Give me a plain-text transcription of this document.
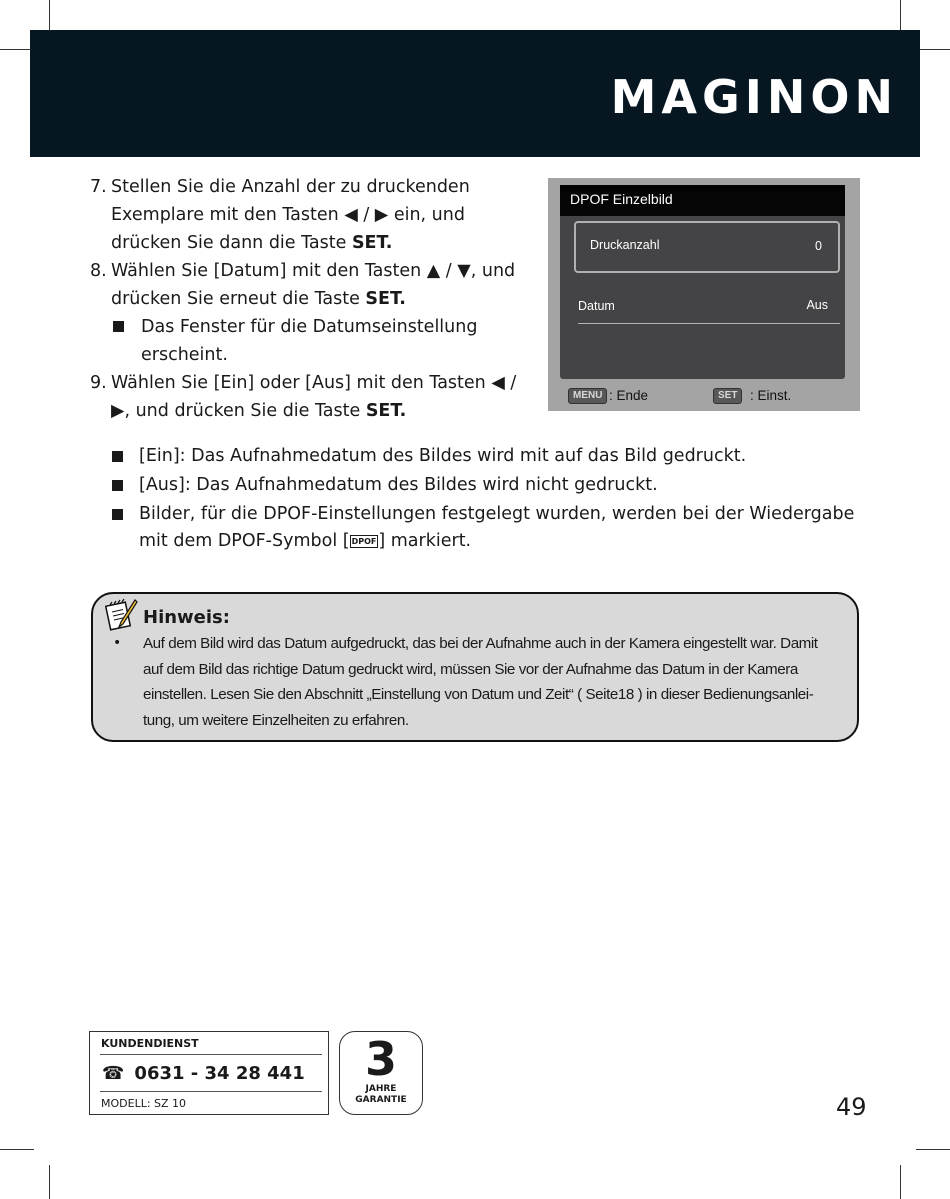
MAGINON
7. Stellen Sie die Anzahl der zu druckenden Exemplare mit den Tasten ◀ / ▶ ein, und drücken Sie dann die Taste SET.
8. Wählen Sie [Datum] mit den Tasten ▲ / ▼, und drücken Sie erneut die Taste SET.
Das Fenster für die Datumseinstellung erscheint.
9. Wählen Sie [Ein] oder [Aus] mit den Tasten ◀ / ▶, und drücken Sie die Taste SET.
DPOF Einzelbild
Druckanzahl	0
Datum	Aus
MENU : Ende	SET : Einst.
[Ein]: Das Aufnahmedatum des Bildes wird mit auf das Bild gedruckt.
[Aus]: Das Aufnahmedatum des Bildes wird nicht gedruckt.
Bilder, für die DPOF-Einstellungen festgelegt wurden, werden bei der Wiedergabe mit dem DPOF-Symbol [ DPOF ] markiert.
Hinweis:
• Auf dem Bild wird das Datum aufgedruckt, das bei der Aufnahme auch in der Kamera eingestellt war. Damit
auf dem Bild das richtige Datum gedruckt wird, müssen Sie vor der Aufnahme das Datum in der Kamera
einstellen. Lesen Sie den Abschnitt „Einstellung von Datum und Zeit“ ( Seite18 ) in dieser Bedienungsanlei-
tung, um weitere Einzelheiten zu erfahren.
KUNDENDIENST
☎ 0631 - 34 28 441
MODELL: SZ 10
3
JAHRE
GARANTIE	49
